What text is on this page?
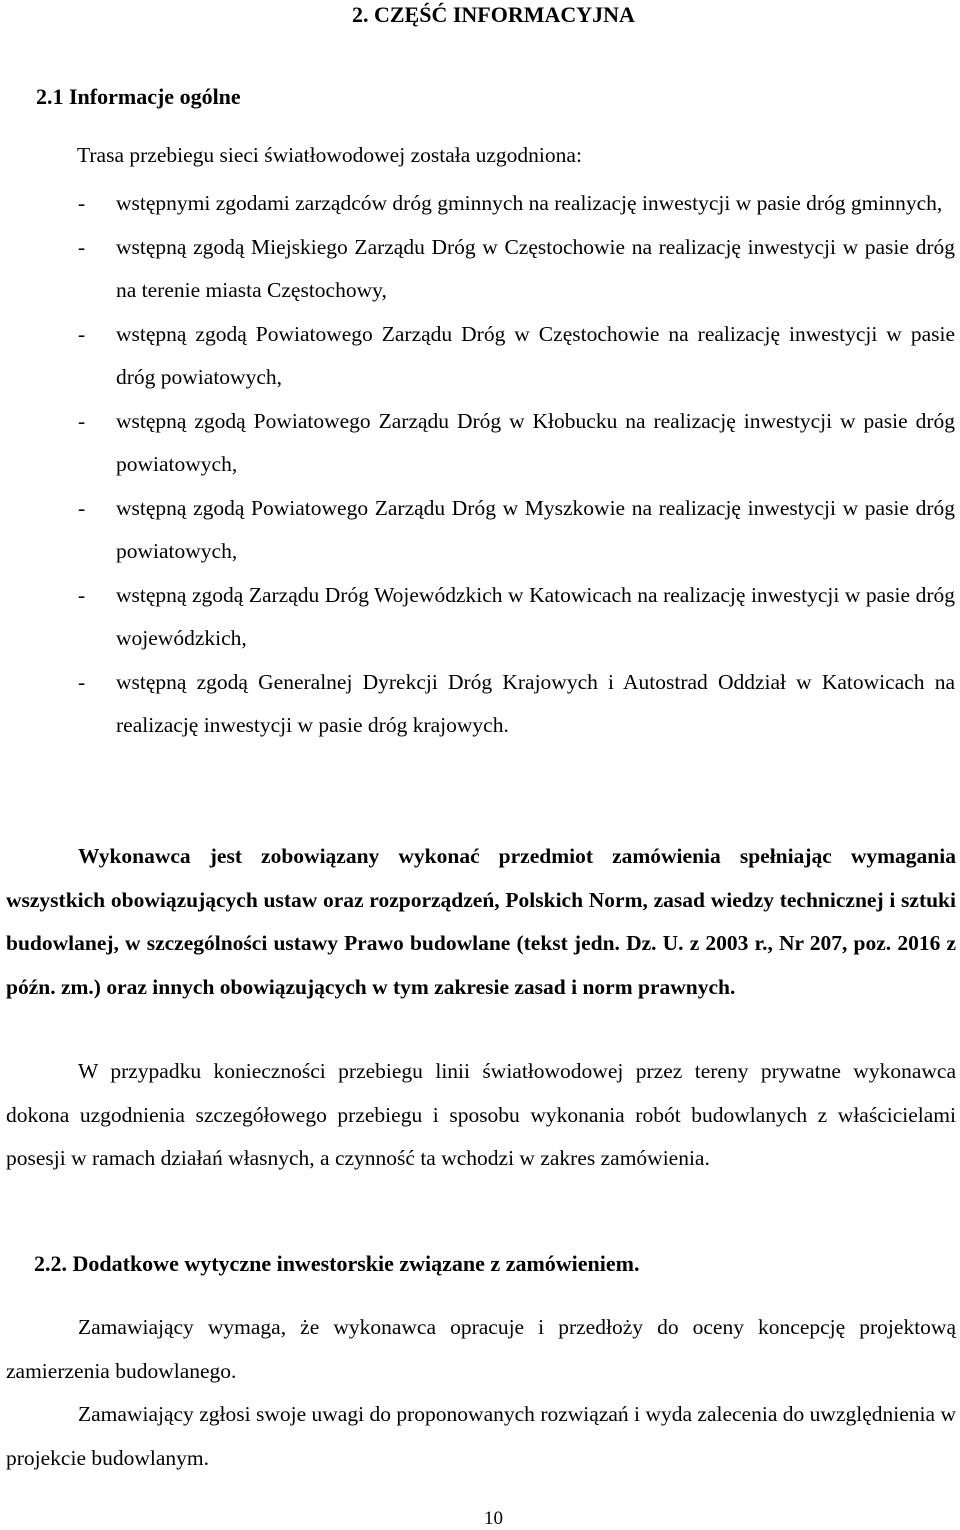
2. CZĘŚĆ INFORMACYJNA
2.1 Informacje ogólne
Trasa przebiegu sieci światłowodowej została uzgodniona:
- wstępnymi zgodami zarządców dróg gminnych na realizację inwestycji w pasie dróg gminnych,
- wstępną zgodą Miejskiego Zarządu Dróg w Częstochowie na realizację inwestycji w pasie dróg na terenie miasta Częstochowy,
- wstępną zgodą Powiatowego Zarządu Dróg w Częstochowie na realizację inwestycji w pasie dróg powiatowych,
- wstępną zgodą Powiatowego Zarządu Dróg w Kłobucku na realizację inwestycji w pasie dróg powiatowych,
- wstępną zgodą Powiatowego Zarządu Dróg w Myszkowie na realizację inwestycji w pasie dróg powiatowych,
- wstępną zgodą Zarządu Dróg Wojewódzkich w Katowicach na realizację inwestycji w pasie dróg wojewódzkich,
- wstępną zgodą Generalnej Dyrekcji Dróg Krajowych i Autostrad Oddział w Katowicach na realizację inwestycji w pasie dróg krajowych.

Wykonawca jest zobowiązany wykonać przedmiot zamówienia spełniając wymagania wszystkich obowiązujących ustaw oraz rozporządzeń, Polskich Norm, zasad wiedzy technicznej i sztuki budowlanej, w szczególności ustawy Prawo budowlane (tekst jedn. Dz. U. z 2003 r., Nr 207, poz. 2016 z późn. zm.) oraz innych obowiązujących w tym zakresie zasad i norm prawnych.

W przypadku konieczności przebiegu linii światłowodowej przez tereny prywatne wykonawca dokona uzgodnienia szczegółowego przebiegu i sposobu wykonania robót budowlanych z właścicielami posesji w ramach działań własnych, a czynność ta wchodzi w zakres zamówienia.

2.2. Dodatkowe wytyczne inwestorskie związane z zamówieniem.

Zamawiający wymaga, że wykonawca opracuje i przedłoży do oceny koncepcję projektową zamierzenia budowlanego.

Zamawiający zgłosi swoje uwagi do proponowanych rozwiązań i wyda zalecenia do uwzględnienia w projekcie budowlanym.

10
